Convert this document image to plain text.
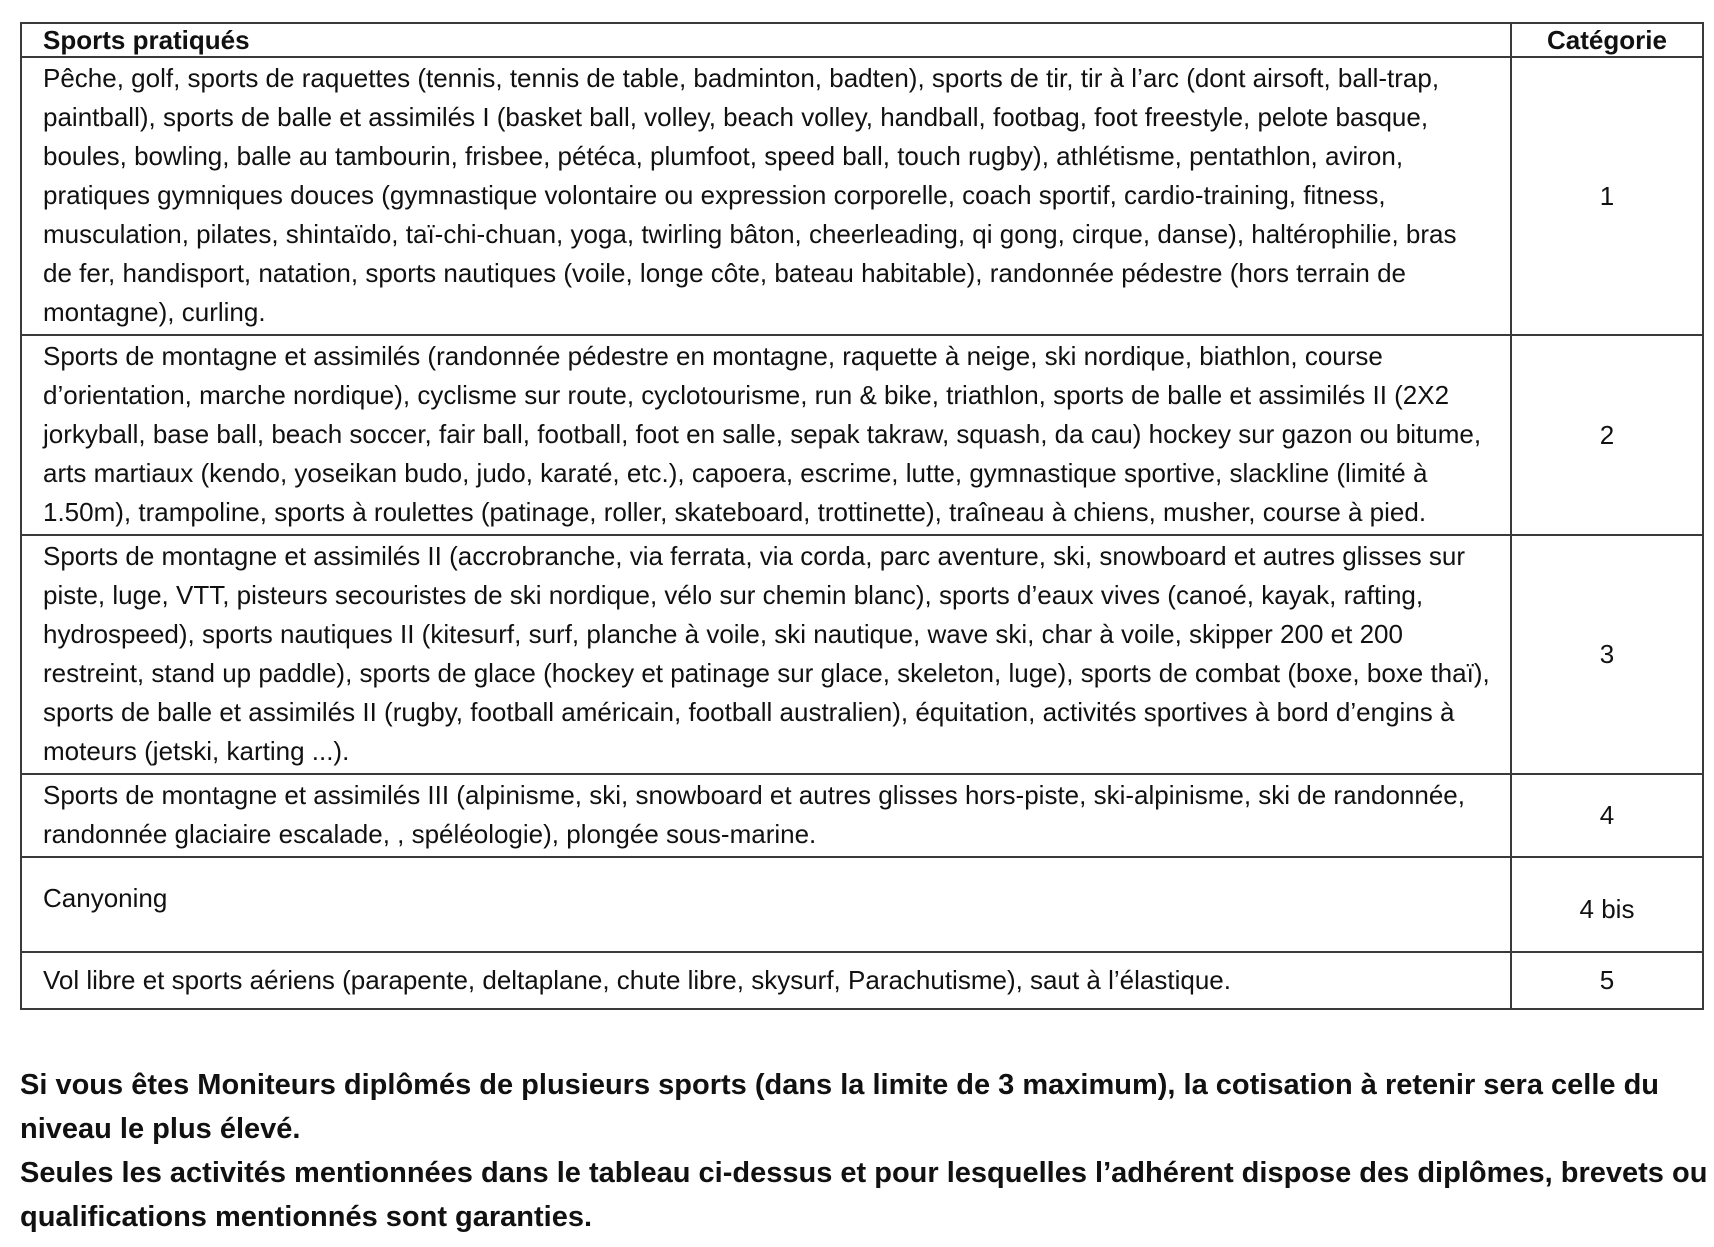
Sports pratiqués	Catégorie
Pêche, golf, sports de raquettes (tennis, tennis de table, badminton, badten), sports de tir, tir à l’arc (dont airsoft, ball-trap, paintball), sports de balle et assimilés I (basket ball, volley, beach volley, handball, footbag, foot freestyle, pelote basque, boules, bowling, balle au tambourin, frisbee, pétéca, plumfoot, speed ball, touch rugby), athlétisme, pentathlon, aviron, pratiques gymniques douces (gymnastique volontaire ou expression corporelle, coach sportif, cardio-training, fitness, musculation, pilates, shintaïdo, taï-chi-chuan, yoga, twirling bâton, cheerleading, qi gong, cirque, danse), haltérophilie, bras de fer, handisport, natation, sports nautiques (voile, longe côte, bateau habitable), randonnée pédestre (hors terrain de montagne), curling.	1
Sports de montagne et assimilés (randonnée pédestre en montagne, raquette à neige, ski nordique, biathlon, course d’orientation, marche nordique), cyclisme sur route, cyclotourisme, run & bike, triathlon, sports de balle et assimilés II (2X2 jorkyball, base ball, beach soccer, fair ball, football, foot en salle, sepak takraw, squash, da cau) hockey sur gazon ou bitume, arts martiaux (kendo, yoseikan budo, judo, karaté, etc.), capoera, escrime, lutte, gymnastique sportive, slackline (limité à 1.50m), trampoline, sports à roulettes (patinage, roller, skateboard, trottinette), traîneau à chiens, musher, course à pied.	2
Sports de montagne et assimilés II (accrobranche, via ferrata, via corda, parc aventure, ski, snowboard et autres glisses sur piste, luge, VTT, pisteurs secouristes de ski nordique, vélo sur chemin blanc), sports d’eaux vives (canoé, kayak, rafting, hydrospeed), sports nautiques II (kitesurf, surf, planche à voile, ski nautique, wave ski, char à voile, skipper 200 et 200 restreint, stand up paddle), sports de glace (hockey et patinage sur glace, skeleton, luge), sports de combat (boxe, boxe thaï), sports de balle et assimilés II (rugby, football américain, football australien), équitation, activités sportives à bord d’engins à moteurs (jetski, karting ...).	3
Sports de montagne et assimilés III (alpinisme, ski, snowboard et autres glisses hors-piste, ski-alpinisme, ski de randonnée, randonnée glaciaire escalade, , spéléologie), plongée sous-marine.	4
Canyoning	4 bis
Vol libre et sports aériens (parapente, deltaplane, chute libre, skysurf, Parachutisme), saut à l’élastique.	5

Si vous êtes Moniteurs diplômés de plusieurs sports (dans la limite de 3 maximum), la cotisation à retenir sera celle du niveau le plus élevé.

Seules les activités mentionnées dans le tableau ci-dessus et pour lesquelles l’adhérent dispose des diplômes, brevets ou qualifications mentionnés sont garanties.
